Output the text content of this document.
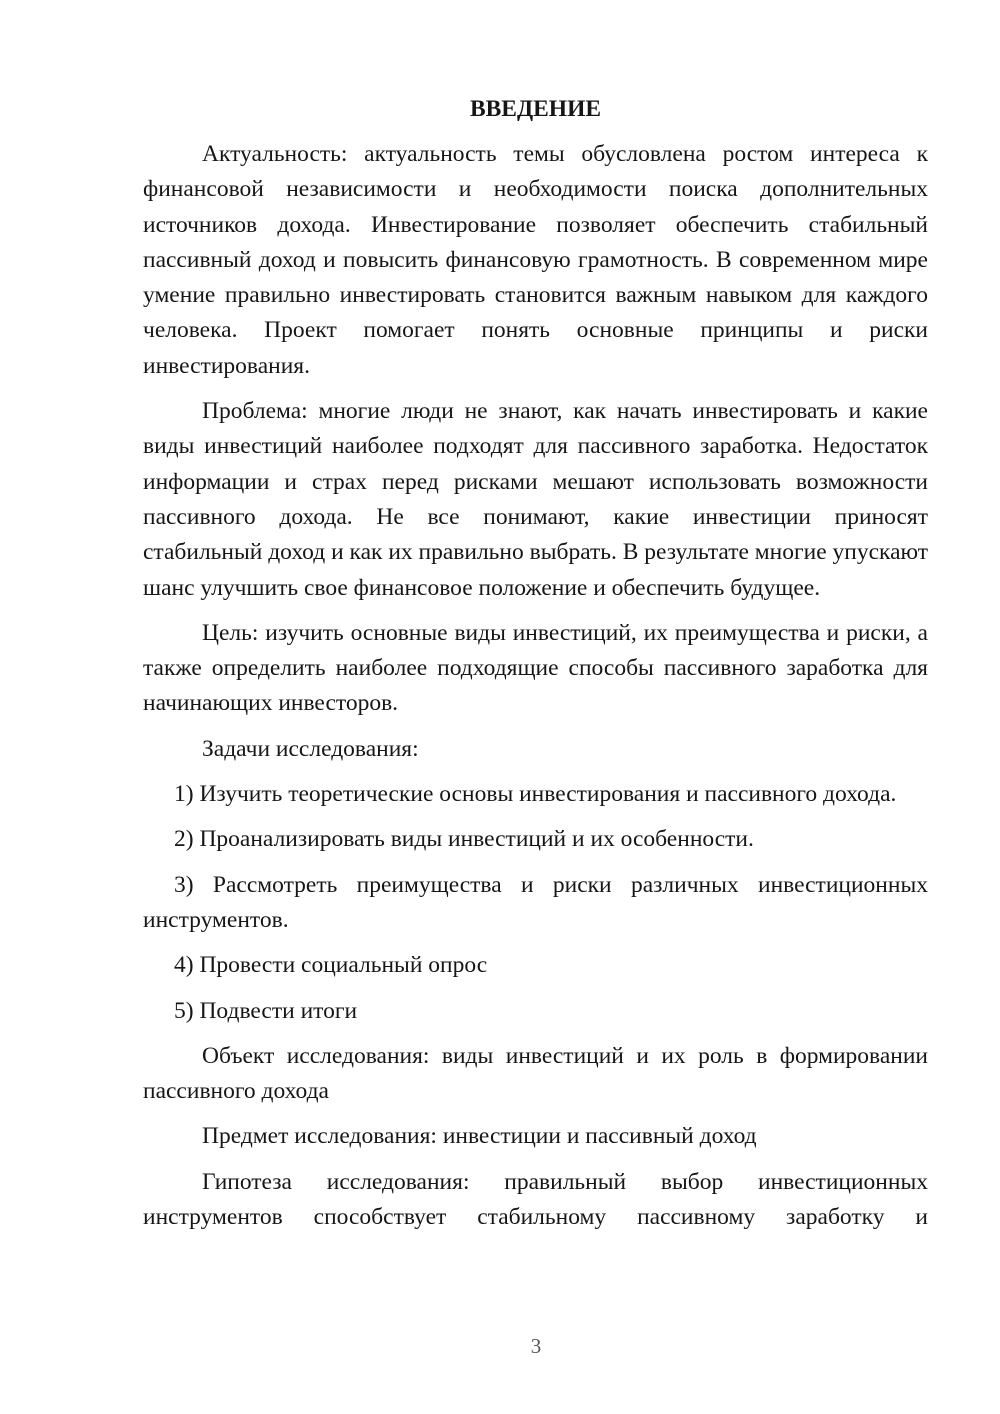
ВВЕДЕНИЕ

Актуальность: актуальность темы обусловлена ростом интереса к финансовой независимости и необходимости поиска дополнительных источников дохода. Инвестирование позволяет обеспечить стабильный пассивный доход и повысить финансовую грамотность. В современном мире умение правильно инвестировать становится важным навыком для каждого человека. Проект помогает понять основные принципы и риски инвестирования.

Проблема: многие люди не знают, как начать инвестировать и какие виды инвестиций наиболее подходят для пассивного заработка. Недостаток информации и страх перед рисками мешают использовать возможности пассивного дохода. Не все понимают, какие инвестиции приносят стабильный доход и как их правильно выбрать. В результате многие упускают шанс улучшить свое финансовое положение и обеспечить будущее.

Цель: изучить основные виды инвестиций, их преимущества и риски, а также определить наиболее подходящие способы пассивного заработка для начинающих инвесторов.

Задачи исследования:

1) Изучить теоретические основы инвестирования и пассивного дохода.

2) Проанализировать виды инвестиций и их особенности.

3) Рассмотреть преимущества и риски различных инвестиционных инструментов.

4) Провести социальный опрос

5) Подвести итоги

Объект исследования: виды инвестиций и их роль в формировании пассивного дохода

Предмет исследования: инвестиции и пассивный доход

Гипотеза исследования: правильный выбор инвестиционных инструментов способствует стабильному пассивному заработку и

3
